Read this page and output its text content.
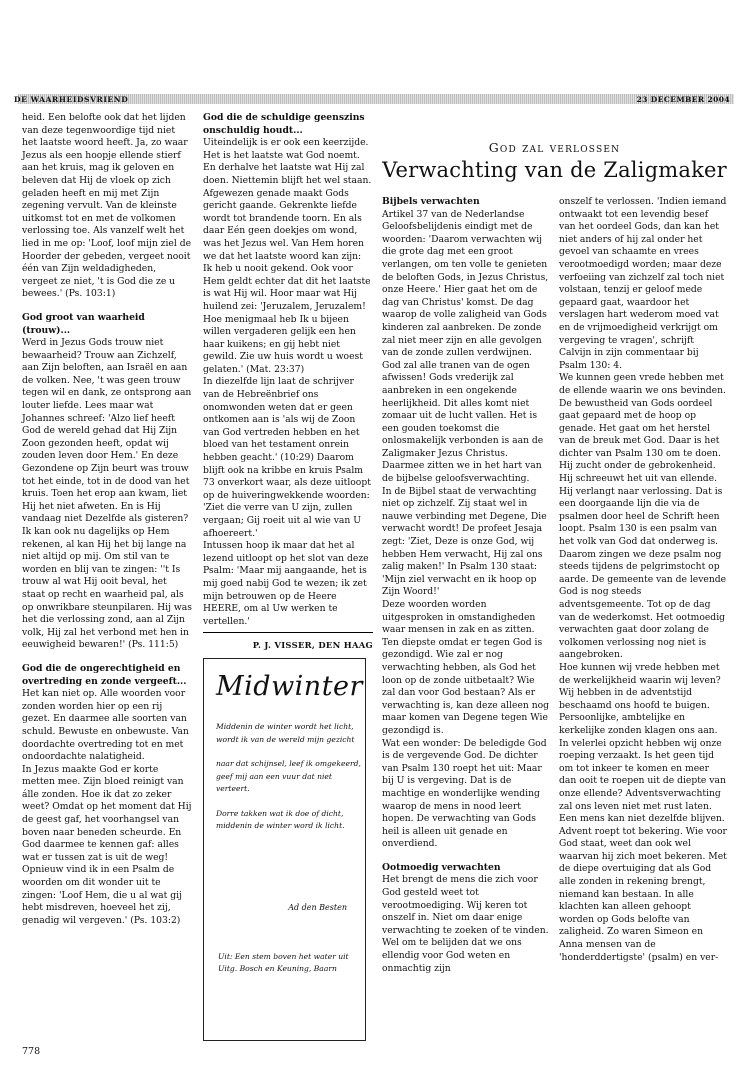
DE WAARHEIDSVRIEND	23 DECEMBER 2004
God zal verlossen
Verwachting van de Zaligmaker

heid. Een belofte ook dat het lijden van deze tegenwoordige tijd niet het laatste woord heeft. Ja, zo waar Jezus als een hoopje ellende stierf aan het kruis, mag ik geloven en beleven dat Hij de vloek op zich geladen heeft en mij met Zijn zegening vervult. Van de kleinste uitkomst tot en met de volkomen verlossing toe. Als vanzelf welt het lied in me op: 'Loof, loof mijn ziel de Hoorder der gebeden, vergeet nooit één van Zijn weldadigheden, vergeet ze niet, 't is God die ze u bewees.' (Ps. 103:1)

God groot van waarheid (trouw)...

Werd in Jezus Gods trouw niet bewaarheid? Trouw aan Zichzelf, aan Zijn beloften, aan Israël en aan de volken. Nee, 't was geen trouw tegen wil en dank, ze ontsprong aan louter liefde. Lees maar wat Johannes schreef: 'Alzo lief heeft God de wereld gehad dat Hij Zijn Zoon gezonden heeft, opdat wij zouden leven door Hem.' En deze Gezondene op Zijn beurt was trouw tot het einde, tot in de dood van het kruis. Toen het erop aan kwam, liet Hij het niet afweten. En is Hij vandaag niet Dezelfde als gisteren?

Ik kan ook nu dagelijks op Hem rekenen, al kan Hij het bij lange na niet altijd op mij. Om stil van te worden en blij van te zingen: ''t Is trouw al wat Hij ooit beval, het staat op recht en waarheid pal, als op onwrikbare steunpilaren. Hij was het die verlossing zond, aan al Zijn volk, Hij zal het verbond met hen in eeuwigheid bewaren!' (Ps. 111:5)

God die de ongerechtigheid en overtreding en zonde vergeeft...

Het kan niet op. Alle woorden voor zonden worden hier op een rij gezet. En daarmee alle soorten van schuld. Bewuste en onbewuste. Van doordachte overtreding tot en met ondoordachte nalatigheid.

In Jezus maakte God er korte metten mee. Zijn bloed reinigt van álle zonden. Hoe ik dat zo zeker weet? Omdat op het moment dat Hij de geest gaf, het voorhangsel van boven naar beneden scheurde. En God daarmee te kennen gaf: alles wat er tussen zat is uit de weg! Opnieuw vind ik in een Psalm de woorden om dit wonder uit te zingen: 'Loof Hem, die u al wat gij hebt misdreven, hoeveel het zij, genadig wil vergeven.' (Ps. 103:2)

God die de schuldige geenszins onschuldig houdt...

Uiteindelijk is er ook een keerzijde. Het is het laatste wat God noemt. En derhalve het laatste wat Hij zal doen. Niettemin blijft het wel staan. Afgewezen genade maakt Gods gericht gaande. Gekrenkte liefde wordt tot brandende toorn. En als daar Eén geen doekjes om wond, was het Jezus wel. Van Hem horen we dat het laatste woord kan zijn: Ik heb u nooit gekend. Ook voor Hem geldt echter dat dit het laatste is wat Hij wil. Hoor maar wat Hij huilend zei: 'Jeruzalem, Jeruzalem! Hoe menigmaal heb Ik u bijeen willen vergaderen gelijk een hen haar kuikens; en gij hebt niet gewild. Zie uw huis wordt u woest gelaten.' (Mat. 23:37)

In diezelfde lijn laat de schrijver van de Hebreënbrief ons onomwonden weten dat er geen ontkomen aan is 'als wij de Zoon van God vertreden hebben en het bloed van het testament onrein hebben geacht.' (10:29) Daarom blijft ook na kribbe en kruis Psalm 73 onverkort waar, als deze uitloopt op de huiveringwekkende woorden: 'Ziet die verre van U zijn, zullen vergaan; Gij roeit uit al wie van U afhoereert.'

Intussen hoop ik maar dat het al lezend uitloopt op het slot van deze Psalm: 'Maar mij aangaande, het is mij goed nabij God te wezen; ik zet mijn betrouwen op de Heere HEERE, om al Uw werken te vertellen.'

P. J. VISSER, DEN HAAG
Bijbels verwachten

Artikel 37 van de Nederlandse Geloofsbelijdenis eindigt met de woorden: 'Daarom verwachten wij die grote dag met een groot verlangen, om ten volle te genieten de beloften Gods, in Jezus Christus, onze Heere.' Hier gaat het om de dag van Christus' komst. De dag waarop de volle zaligheid van Gods kinderen zal aanbreken. De zonde zal niet meer zijn en alle gevolgen van de zonde zullen verdwijnen. God zal alle tranen van de ogen afwissen! Gods vrederijk zal aanbreken in een ongekende heerlijkheid. Dit alles komt niet zomaar uit de lucht vallen. Het is een gouden toekomst die onlosmakelijk verbonden is aan de Zaligmaker Jezus Christus. Daarmee zitten we in het hart van de bijbelse geloofsverwachting.

In de Bijbel staat de verwachting niet op zichzelf. Zij staat wel in nauwe verbinding met Degene, Die verwacht wordt! De profeet Jesaja zegt: 'Ziet, Deze is onze God, wij hebben Hem verwacht, Hij zal ons zalig maken!' In Psalm 130 staat: 'Mijn ziel verwacht en ik hoop op Zijn Woord!'

Deze woorden worden uitgesproken in omstandigheden waar mensen in zak en as zitten. Ten diepste omdat er tegen God is gezondigd. Wie zal er nog verwachting hebben, als God het loon op de zonde uitbetaalt? Wie zal dan voor God bestaan? Als er verwachting is, kan deze alleen nog maar komen van Degene tegen Wie gezondigd is.

Wat een wonder: De beledigde God is de vergevende God. De dichter van Psalm 130 roept het uit: Maar bij U is vergeving. Dat is de machtige en wonderlijke wending waarop de mens in nood leert hopen. De verwachting van Gods heil is alleen uit genade en onverdiend.

Ootmoedig verwachten

Het brengt de mens die zich voor God gesteld weet tot verootmoediging. Wij keren tot onszelf in. Niet om daar enige verwachting te zoeken of te vinden. Wel om te belijden dat we ons ellendig voor God weten en onmachtig zijn

onszelf te verlossen. 'Indien iemand ontwaakt tot een levendig besef van het oordeel Gods, dan kan het niet anders of hij zal onder het gevoel van schaamte en vrees verootmoedigd worden; maar deze verfoeiing van zichzelf zal toch niet volstaan, tenzij er geloof mede gepaard gaat, waardoor het verslagen hart wederom moed vat en de vrijmoedigheid verkrijgt om vergeving te vragen', schrijft Calvijn in zijn commentaar bij Psalm 130: 4.

We kunnen geen vrede hebben met de ellende waarin we ons bevinden. De bewustheid van Gods oordeel gaat gepaard met de hoop op genade. Het gaat om het herstel van de breuk met God. Daar is het dichter van Psalm 130 om te doen. Hij zucht onder de gebrokenheid. Hij schreeuwt het uit van ellende. Hij verlangt naar verlossing. Dat is een doorgaande lijn die via de psalmen door heel de Schrift heen loopt. Psalm 130 is een psalm van het volk van God dat onderweg is. Daarom zingen we deze psalm nog steeds tijdens de pelgrimstocht op aarde. De gemeente van de levende God is nog steeds adventsgemeente. Tot op de dag van de wederkomst. Het ootmoedig verwachten gaat door zolang de volkomen verlossing nog niet is aangebroken.

Hoe kunnen wij vrede hebben met de werkelijkheid waarin wij leven? Wij hebben in de adventstijd beschaamd ons hoofd te buigen. Persoonlijke, ambtelijke en kerkelijke zonden klagen ons aan. In velerlei opzicht hebben wij onze roeping verzaakt. Is het geen tijd om tot inkeer te komen en meer dan ooit te roepen uit de diepte van onze ellende? Adventsverwachting zal ons leven niet met rust laten. Een mens kan niet dezelfde blijven. Advent roept tot bekering. Wie voor God staat, weet dan ook wel waarvan hij zich moet bekeren. Met de diepe overtuiging dat als God alle zonden in rekening brengt, niemand kan bestaan. In alle klachten kan alleen gehoopt worden op Gods belofte van zaligheid. Zo waren Simeon en Anna mensen van de 'honderddertigste' (psalm) en ver-

Midwinter
Middenin de winter wordt het licht,
wordt ik van de wereld mijn gezicht
naar dat schijnsel, leef ik omgekeerd,
geef mij aan een vuur dat niet verteert.
Dorre takken wat ik doe of dicht,
middenin de winter word ik licht.
Ad den Besten
Uit: Een stem boven het water uit
Uitg. Bosch en Keuning, Baarn
778
